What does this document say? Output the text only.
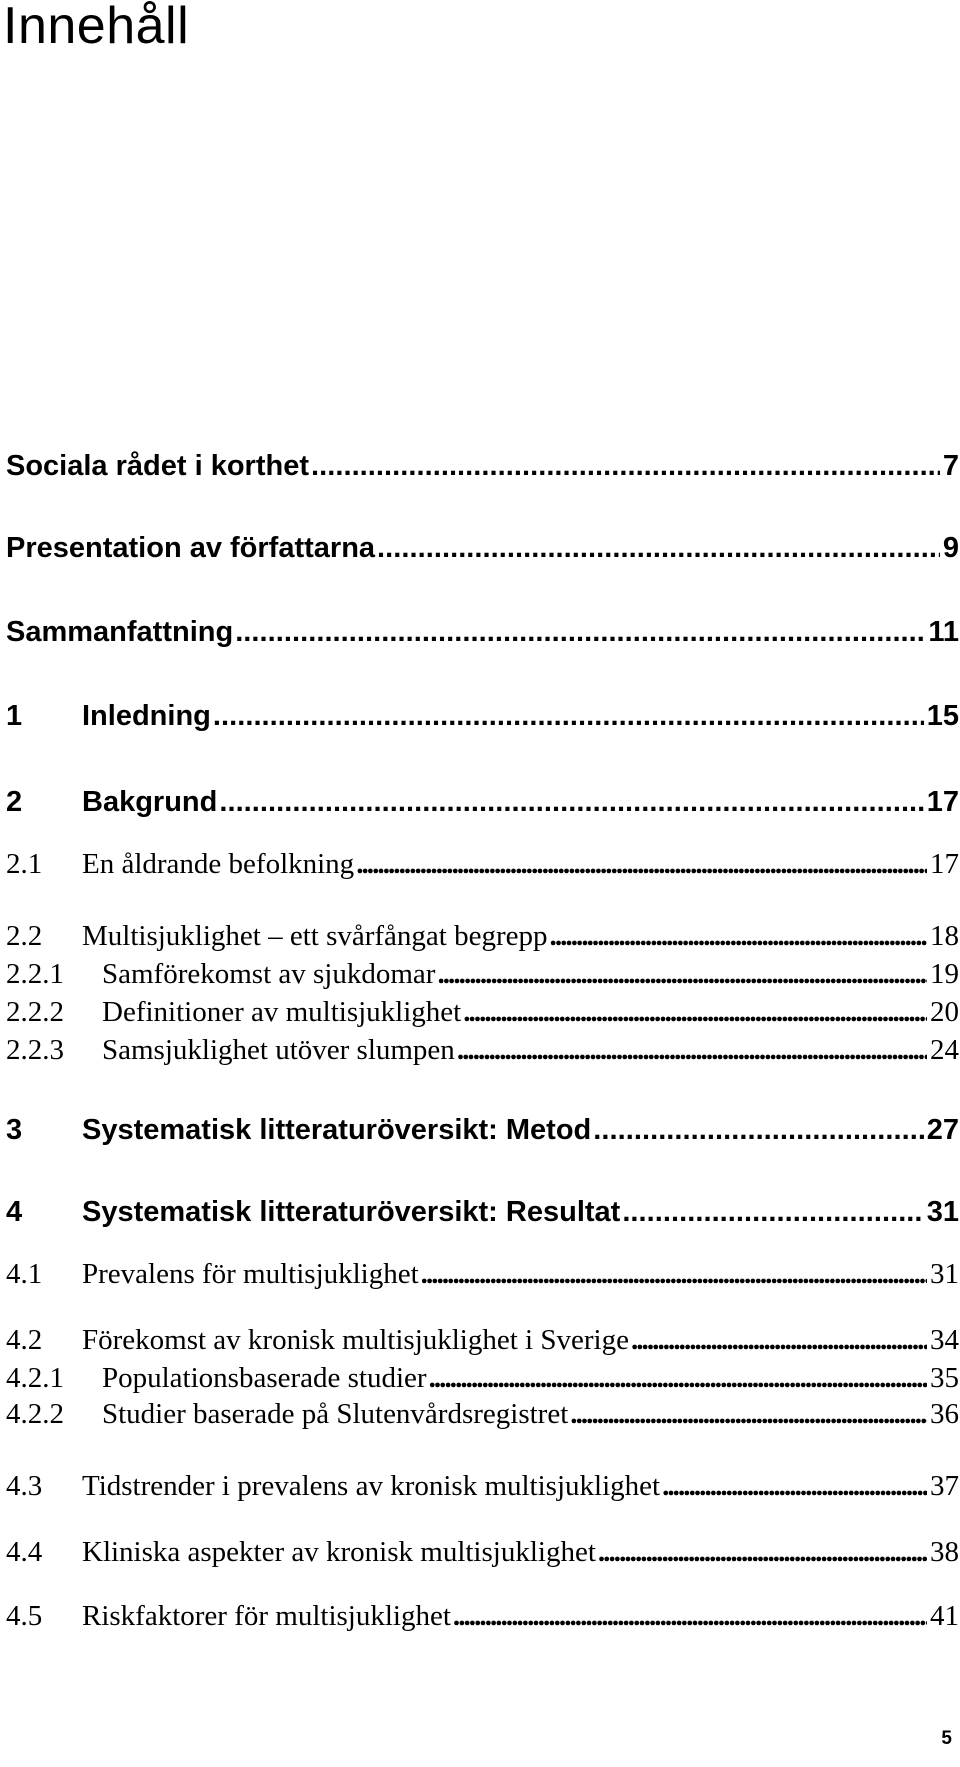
Innehåll
Sociala rådet i korthet . . .	7
Presentation av författarna . . .	9
Sammanfattning . . .	11
1	Inledning . . .	15
2	Bakgrund . . .	17
2.1	En åldrande befolkning . . .	17
2.2	Multisjuklighet – ett svårfångat begrepp . . .	18
2.2.1	Samförekomst av sjukdomar . . .	19
2.2.2	Definitioner av multisjuklighet . . .	20
2.2.3	Samsjuklighet utöver slumpen . . .	24
3	Systematisk litteraturöversikt: Metod . . .	27
4	Systematisk litteraturöversikt: Resultat . . .	31
4.1	Prevalens för multisjuklighet . . .	31
4.2	Förekomst av kronisk multisjuklighet i Sverige . . .	34
4.2.1	Populationsbaserade studier . . .	35
4.2.2	Studier baserade på Slutenvårdsregistret . . .	36
4.3	Tidstrender i prevalens av kronisk multisjuklighet . . .	37
4.4	Kliniska aspekter av kronisk multisjuklighet . . .	38
4.5	Riskfaktorer för multisjuklighet . . .	41
5
